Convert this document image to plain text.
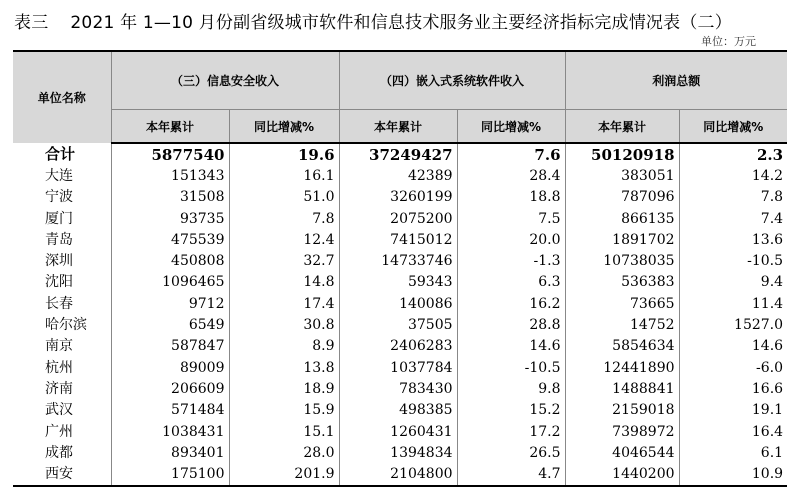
表三 2021 年 1—10 月份副省级城市软件和信息技术服务业主要经济指标完成情况表（二）
单位：万元
单位名称	（三）信息安全收入		（四）嵌入式系统软件收入		利润总额	
	本年累计	同比增减%	本年累计	同比增减%	本年累计	同比增减%
合计	5877540	19.6	37249427	7.6	50120918	2.3
大连	151343	16.1	42389	28.4	383051	14.2
宁波	31508	51.0	3260199	18.8	787096	7.8
厦门	93735	7.8	2075200	7.5	866135	7.4
青岛	475539	12.4	7415012	20.0	1891702	13.6
深圳	450808	32.7	14733746	-1.3	10738035	-10.5
沈阳	1096465	14.8	59343	6.3	536383	9.4
长春	9712	17.4	140086	16.2	73665	11.4
哈尔滨	6549	30.8	37505	28.8	14752	1527.0
南京	587847	8.9	2406283	14.6	5854634	14.6
杭州	89009	13.8	1037784	-10.5	12441890	-6.0
济南	206609	18.9	783430	9.8	1488841	16.6
武汉	571484	15.9	498385	15.2	2159018	19.1
广州	1038431	15.1	1260431	17.2	7398972	16.4
成都	893401	28.0	1394834	26.5	4046544	6.1
西安	175100	201.9	2104800	4.7	1440200	10.9
